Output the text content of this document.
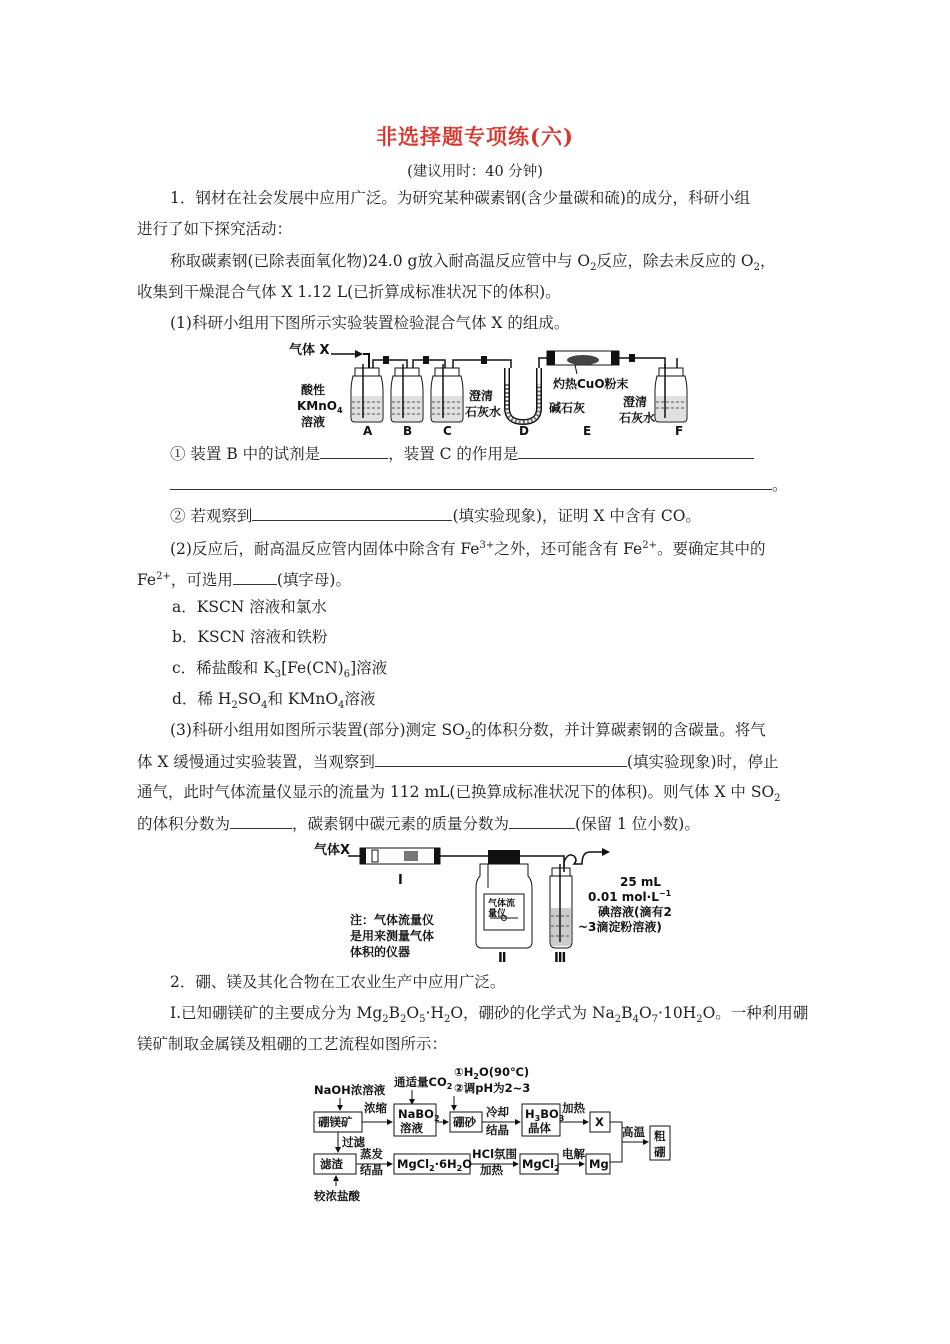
非选择题专项练(六)
(建议用时：40 分钟)
1．钢材在社会发展中应用广泛。为研究某种碳素钢(含少量碳和硫)的成分，科研小组
进行了如下探究活动：
称取碳素钢(已除表面氧化物)24.0 g放入耐高温反应管中与 $O_2$反应，除去未反应的 $O_2$，
收集到干燥混合气体 X 1.12 L(已折算成标准状况下的体积)。
(1)科研小组用下图所示实验装置检验混合气体 X 的组成。
气体 X
酸性
KMnO$_4$
溶液
澄清
石灰水	碱石灰
灼热CuO粉末
澄清
石灰水
A	B	C	D	E	F
① 装置 B 中的试剂是	，装置 C 的作用是
。
② 若观察到	(填实验现象)，证明 X 中含有 CO。
(2)反应后，耐高温反应管内固体中除含有 $Fe^{3+}$之外，还可能含有 $Fe^{2+}$。要确定其中的
$Fe^{2+}$，可选用	(填字母)。
a．KSCN 溶液和氯水
b．KSCN 溶液和铁粉
c．稀盐酸和 $K_3[Fe(CN)_6]$溶液
d．稀 $H_2SO_4$和 KMnO$_4$溶液
(3)科研小组用如图所示装置(部分)测定 $SO_2$的体积分数，并计算碳素钢的含碳量。将气
体 X 缓慢通过实验装置，当观察到	(填实验现象)时，停止
通气，此时气体流量仪显示的流量为 112 mL(已换算成标准状况下的体积)。则气体 X 中 $SO_2$
的体积分数为	，碳素钢中碳元素的质量分数为	(保留 1 位小数)。
气体X
Ⅰ
气体流
量仪
Ⅱ	Ⅲ
注：气体流量仪
是用来测量气体
体积的仪器
25 mL
0.01 $mol\cdot L^{-1}$
碘溶液(滴有2
~3滴淀粉溶液)
2．硼、镁及其化合物在工农业生产中应用广泛。
Ⅰ.已知硼镁矿的主要成分为 $Mg_2B_2O_5\cdot H_2O$，硼砂的化学式为 $Na_2B_4O_7\cdot 10H_2O$。一种利用硼
镁矿制取金属镁及粗硼的工艺流程如图所示：
NaOH浓溶液
通适量$CO_2$
$①H_2O(90℃)$
②调pH为2~3
硼镁矿
浓缩 NaBO$_2$
溶液	硼砂
冷却
结晶
$H_3BO_3$
晶体
加热
X
高温 粗
硼
过滤
滤渣
蒸发
结晶 $MgCl_2\cdot 6H_2O$
HCl氛围
加热 MgCl$_2$
电解
Mg
较浓盐酸
